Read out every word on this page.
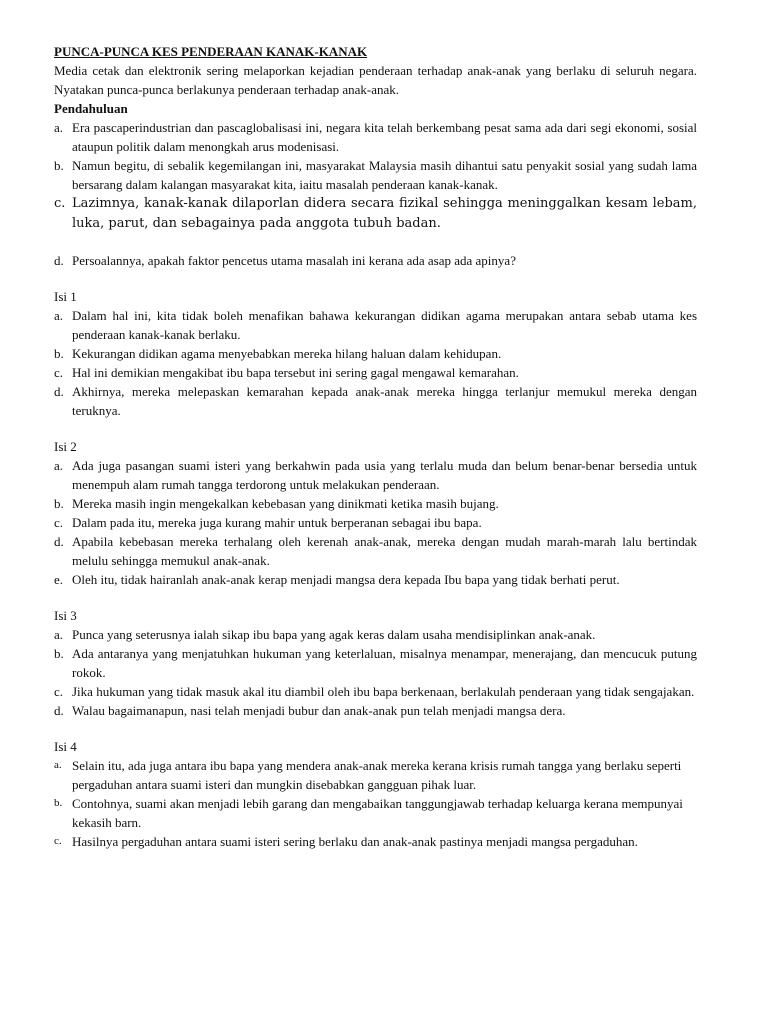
PUNCA-PUNCA KES PENDERAAN KANAK-KANAK

Media cetak dan elektronik sering melaporkan kejadian penderaan terhadap anak-anak yang berlaku di seluruh negara. Nyatakan punca-punca berlakunya penderaan terhadap anak-anak.

Pendahuluan

a. Era pascaperindustrian dan pascaglobalisasi ini, negara kita telah berkembang pesat sama ada dari segi ekonomi, sosial ataupun politik dalam menongkah arus modenisasi.
b. Namun begitu, di sebalik kegemilangan ini, masyarakat Malaysia masih dihantui satu penyakit sosial yang sudah lama bersarang dalam kalangan masyarakat kita, iaitu masalah penderaan kanak-kanak.
c. Lazimnya, kanak-kanak dilaporlan didera secara fizikal sehingga meninggalkan kesam lebam, luka, parut, dan sebagainya pada anggota tubuh badan.
d. Persoalannya, apakah faktor pencetus utama masalah ini kerana ada asap ada apinya?

Isi 1

a. Dalam hal ini, kita tidak boleh menafikan bahawa kekurangan didikan agama merupakan antara sebab utama kes penderaan kanak-kanak berlaku.
b. Kekurangan didikan agama menyebabkan mereka hilang haluan dalam kehidupan.
c. Hal ini demikian mengakibat ibu bapa tersebut ini sering gagal mengawal kemarahan.
d. Akhirnya, mereka melepaskan kemarahan kepada anak-anak mereka hingga terlanjur memukul mereka dengan teruknya.

Isi 2

a. Ada juga pasangan suami isteri yang berkahwin pada usia yang terlalu muda dan belum benar-benar bersedia untuk menempuh alam rumah tangga terdorong untuk melakukan penderaan.
b. Mereka masih ingin mengekalkan kebebasan yang dinikmati ketika masih bujang.
c. Dalam pada itu, mereka juga kurang mahir untuk berperanan sebagai ibu bapa.
d. Apabila kebebasan mereka terhalang oleh kerenah anak-anak, mereka dengan mudah marah-marah lalu bertindak melulu sehingga memukul anak-anak.
e. Oleh itu, tidak hairanlah anak-anak kerap menjadi mangsa dera kepada Ibu bapa yang tidak berhati perut.

Isi 3

a. Punca yang seterusnya ialah sikap ibu bapa yang agak keras dalam usaha mendisiplinkan anak-anak.
b. Ada antaranya yang menjatuhkan hukuman yang keterlaluan, misalnya menampar, menerajang, dan mencucuk putung rokok.
c. Jika hukuman yang tidak masuk akal itu diambil oleh ibu bapa berkenaan, berlakulah penderaan yang tidak sengajakan.
d. Walau bagaimanapun, nasi telah menjadi bubur dan anak-anak pun telah menjadi mangsa dera.

Isi 4

a. Selain itu, ada juga antara ibu bapa yang mendera anak-anak mereka kerana krisis rumah tangga yang berlaku seperti pergaduhan antara suami isteri dan mungkin disebabkan gangguan pihak luar.
b. Contohnya, suami akan menjadi lebih garang dan mengabaikan tanggungjawab terhadap keluarga kerana mempunyai kekasih barn.
c. Hasilnya pergaduhan antara suami isteri sering berlaku dan anak-anak pastinya menjadi mangsa pergaduhan.
